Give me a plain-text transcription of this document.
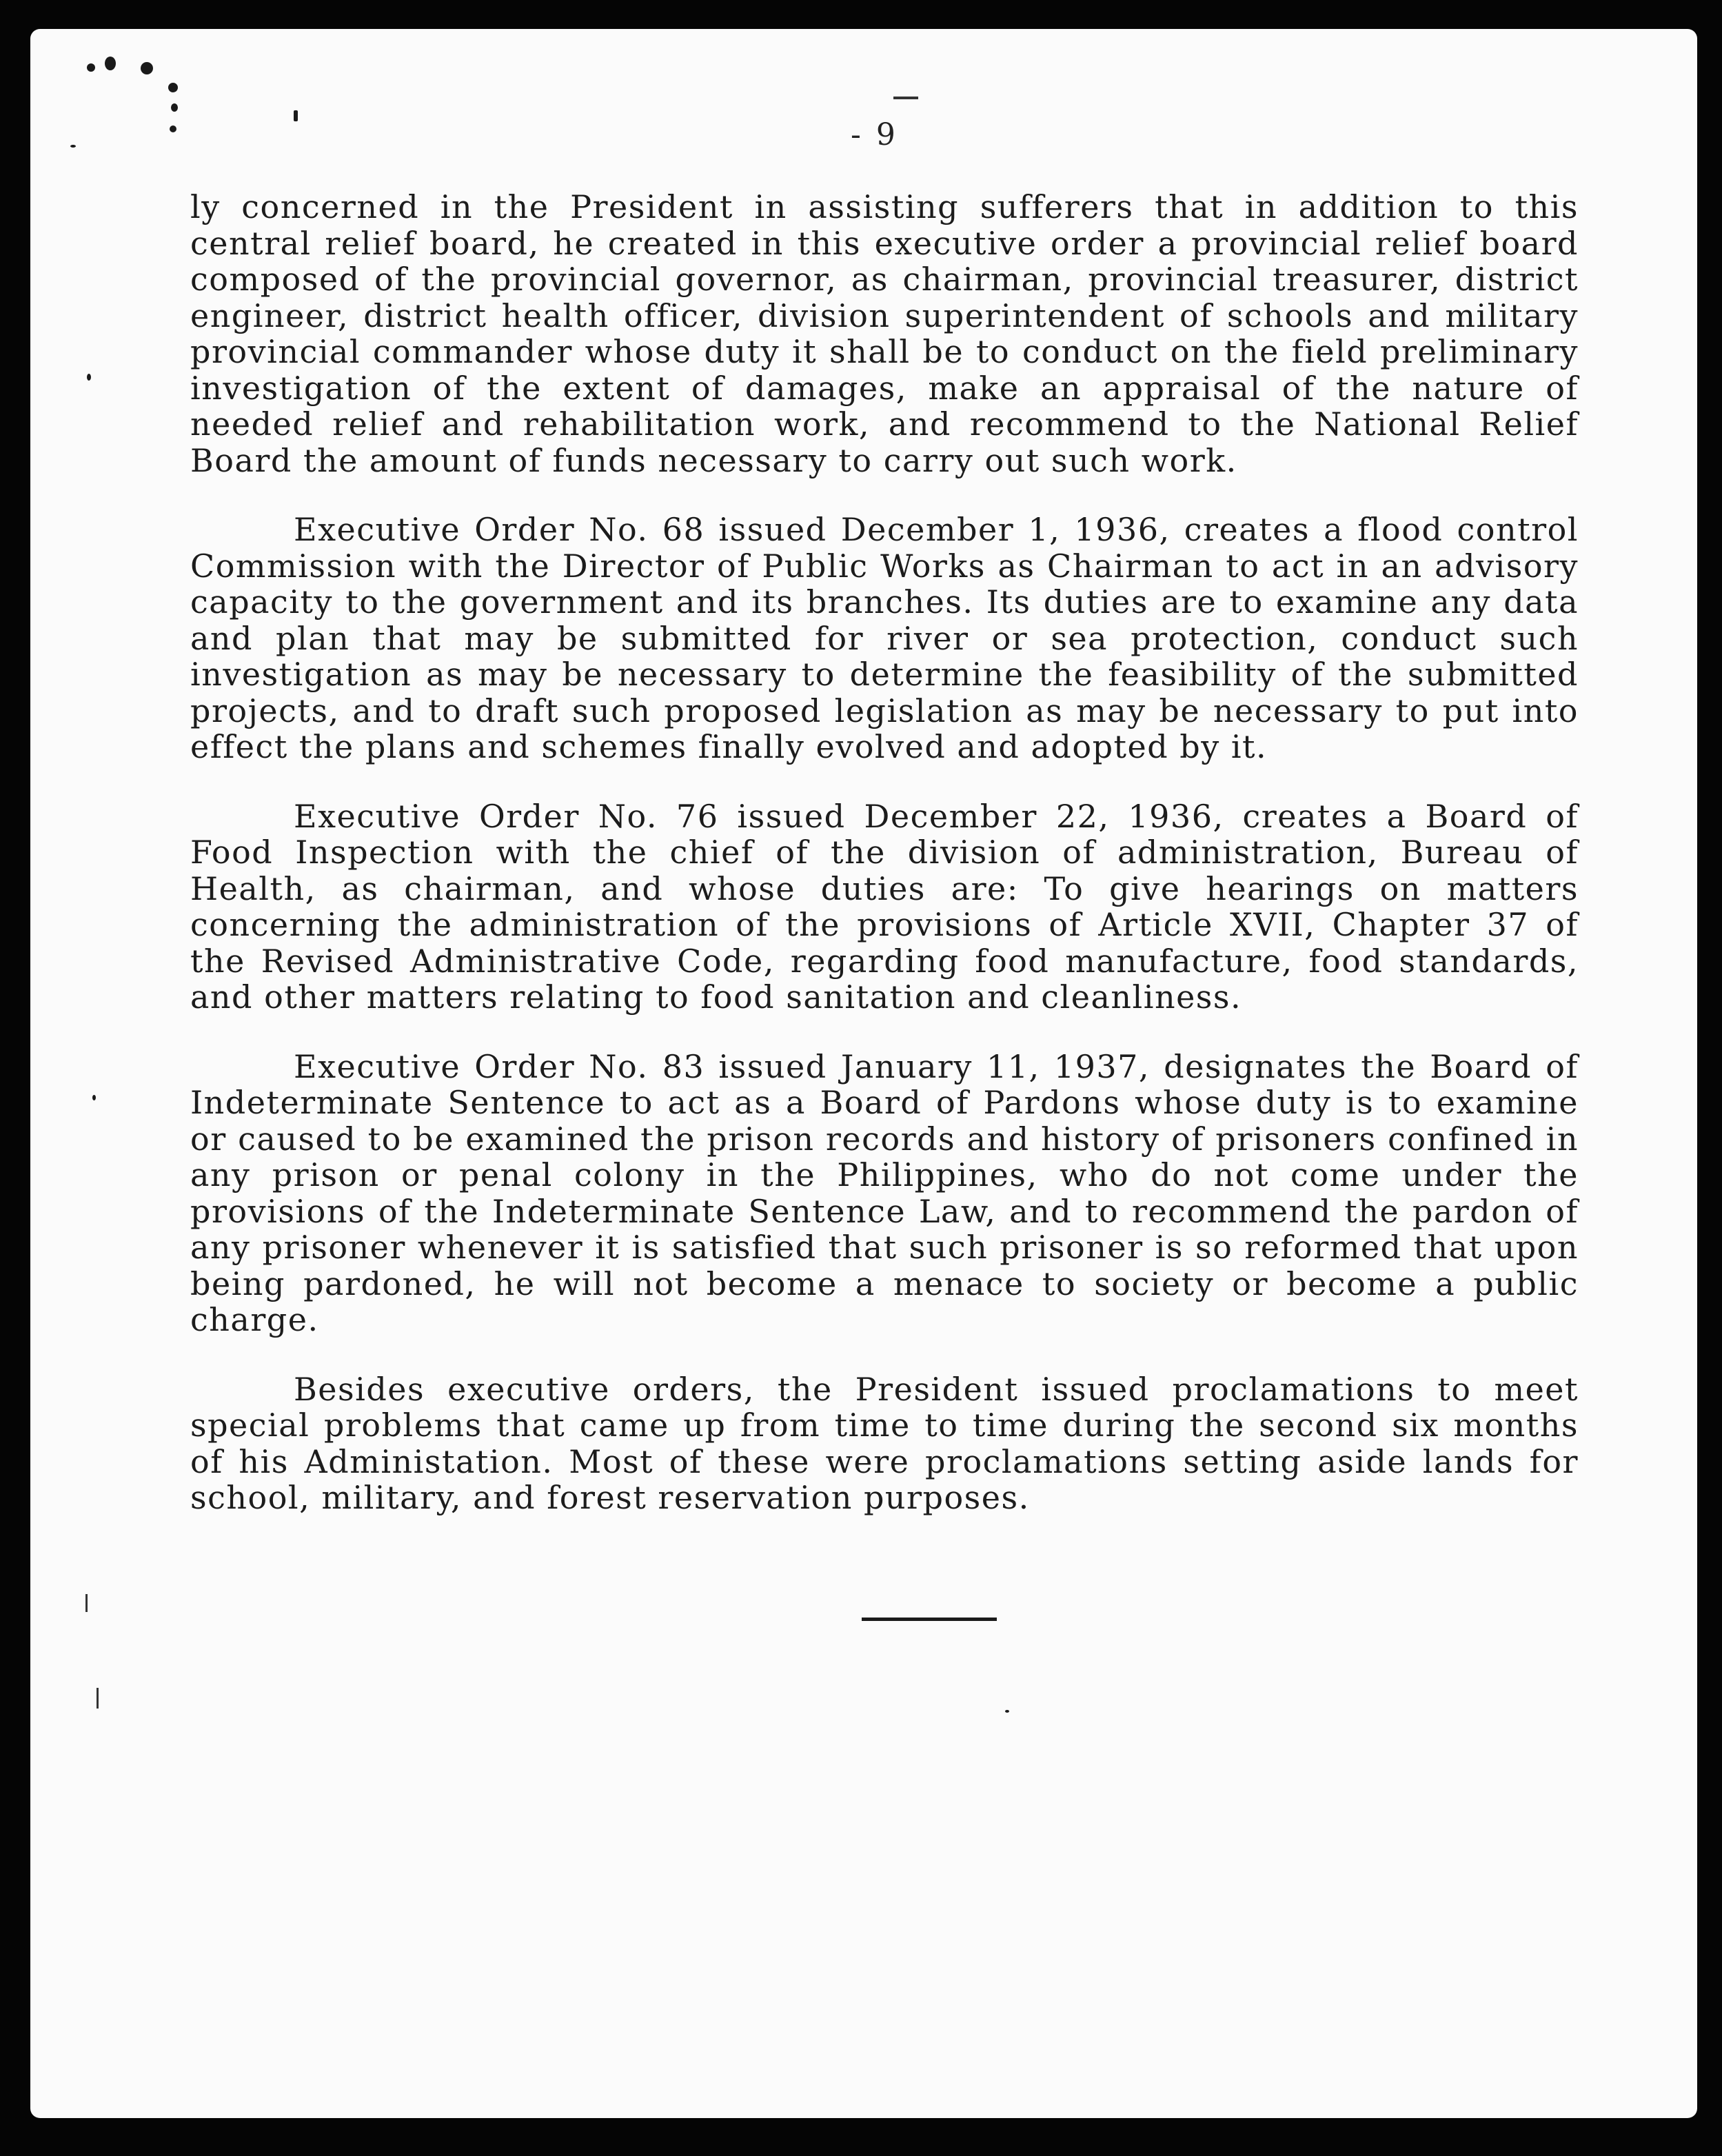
- 9

ly concerned in the President in assisting sufferers that in addition to this central relief board, he created in this executive order a provincial relief board composed of the provincial governor, as chairman, provincial treasurer, district engineer, district health officer, division superintendent of schools and military provincial commander whose duty it shall be to conduct on the field preliminary investigation of the extent of damages, make an appraisal of the nature of needed relief and rehabilitation work, and recommend to the National Relief Board the amount of funds necessary to carry out such work.

Executive Order No. 68 issued December 1, 1936, creates a flood control Commission with the Director of Public Works as Chairman to act in an advisory capacity to the government and its branches. Its duties are to examine any data and plan that may be submitted for river or sea protection, conduct such investigation as may be necessary to determine the feasibility of the submitted projects, and to draft such proposed legislation as may be necessary to put into effect the plans and schemes finally evolved and adopted by it.

Executive Order No. 76 issued December 22, 1936, creates a Board of Food Inspection with the chief of the division of administration, Bureau of Health, as chairman, and whose duties are: To give hearings on matters concerning the administration of the provisions of Article XVII, Chapter 37 of the Revised Administrative Code, regarding food manufacture, food standards, and other matters relating to food sanitation and cleanliness.

Executive Order No. 83 issued January 11, 1937, designates the Board of Indeterminate Sentence to act as a Board of Pardons whose duty is to examine or caused to be examined the prison records and history of prisoners confined in any prison or penal colony in the Philippines, who do not come under the provisions of the Indeterminate Sentence Law, and to recommend the pardon of any prisoner whenever it is satisfied that such prisoner is so reformed that upon being pardoned, he will not become a menace to society or become a public charge.

Besides executive orders, the President issued proclamations to meet special problems that came up from time to time during the second six months of his Administation. Most of these were proclamations setting aside lands for school, military, and forest reservation purposes.
